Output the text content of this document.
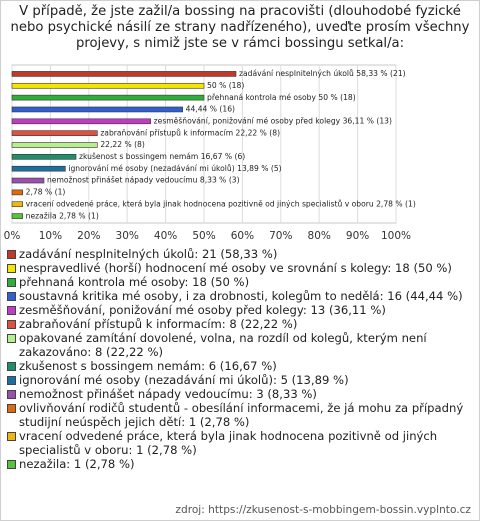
V případě, že jste zažil/a bossing na pracovišti (dlouhodobé fyzické nebo psychické násilí ze strany nadřízeného), uveďte prosím všechny projevy, s nimiž jste se v rámci bossingu setkal/a:
zadávání nesplnitelných úkolů 58,33 % (21)
50 % (18)
přehnaná kontrola mé osoby 50 % (18)
44,44 % (16)
zesměšňování, ponižování mé osoby před kolegy 36,11 % (13)
zabraňování přístupů k informacím 22,22 % (8)
22,22 % (8)
zkušenost s bossingem nemám 16,67 % (6)
ignorování mé osoby (nezadávání mi úkolů) 13,89 % (5)
nemožnost přinášet nápady vedoucímu 8,33 % (3)
2,78 % (1)
vracení odvedené práce, která byla jinak hodnocena pozitivně od jiných specialistů v oboru 2,78 % (1)
nezažila 2,78 % (1)
0% 10% 20% 30% 40% 50% 60% 70% 80% 90% 100%
zadávání nesplnitelných úkolů: 21 (58,33 %)
nespravedlivé (horší) hodnocení mé osoby ve srovnání s kolegy: 18 (50 %)
přehnaná kontrola mé osoby: 18 (50 %)
soustavná kritika mé osoby, i za drobnosti, kolegům to nedělá: 16 (44,44 %)
zesměšňování, ponižování mé osoby před kolegy: 13 (36,11 %)
zabraňování přístupů k informacím: 8 (22,22 %)
opakované zamítání dovolené, volna, na rozdíl od kolegů, kterým není zakazováno: 8 (22,22 %)
zkušenost s bossingem nemám: 6 (16,67 %)
ignorování mé osoby (nezadávání mi úkolů): 5 (13,89 %)
nemožnost přinášet nápady vedoucímu: 3 (8,33 %)
ovlivňování rodičů studentů - obesílání informacemi, že já mohu za případný studijní neúspěch jejich dětí: 1 (2,78 %)
vracení odvedené práce, která byla jinak hodnocena pozitivně od jiných specialistů v oboru: 1 (2,78 %)
nezažila: 1 (2,78 %)
zdroj: https://zkusenost-s-mobbingem-bossin.vyplnto.cz
